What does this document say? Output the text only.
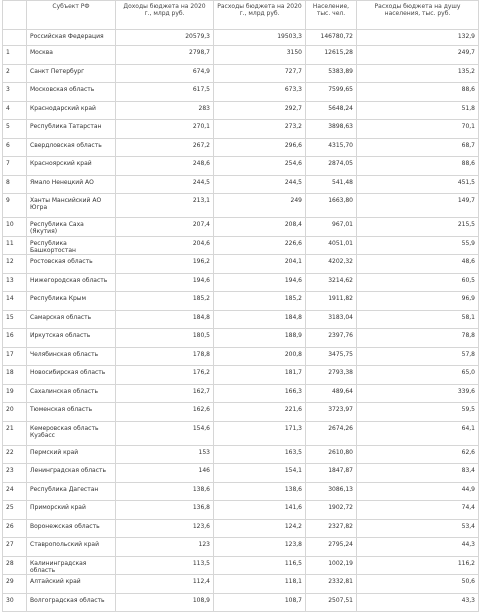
	Субъект РФ	Доходы бюджета на 2020 г., млрд руб.	Расходы бюджета на 2020 г., млрд руб.	Население, тыс. чел.	Расходы бюджета на душу населения, тыс. руб.
	Российская Федерация	20579,3	19503,3	146780,72	132,9
1	Москва	2798,7	3150	12615,28	249,7
2	Санкт Петербург	674,9	727,7	5383,89	135,2
3	Московская область	617,5	673,3	7599,65	88,6
4	Краснодарский край	283	292,7	5648,24	51,8
5	Республика Татарстан	270,1	273,2	3898,63	70,1
6	Свердловская область	267,2	296,6	4315,70	68,7
7	Красноярский край	248,6	254,6	2874,05	88,6
8	Ямало Ненецкий АО	244,5	244,5	541,48	451,5
9	Ханты Мансийский АО Югра	213,1	249	1663,80	149,7
10	Республика Саха (Якутия)	207,4	208,4	967,01	215,5
11	Республика Башкортостан	204,6	226,6	4051,01	55,9
12	Ростовская область	196,2	204,1	4202,32	48,6
13	Нижегородская область	194,6	194,6	3214,62	60,5
14	Республика Крым	185,2	185,2	1911,82	96,9
15	Самарская область	184,8	184,8	3183,04	58,1
16	Иркутская область	180,5	188,9	2397,76	78,8
17	Челябинская область	178,8	200,8	3475,75	57,8
18	Новосибирская область	176,2	181,7	2793,38	65,0
19	Сахалинская область	162,7	166,3	489,64	339,6
20	Тюменская область	162,6	221,6	3723,97	59,5
21	Кемеровская область Кузбасс	154,6	171,3	2674,26	64,1
22	Пермский край	153	163,5	2610,80	62,6
23	Ленинградская область	146	154,1	1847,87	83,4
24	Республика Дагестан	138,6	138,6	3086,13	44,9
25	Приморский край	136,8	141,6	1902,72	74,4
26	Воронежская область	123,6	124,2	2327,82	53,4
27	Ставропольский край	123	123,8	2795,24	44,3
28	Калининградская область	113,5	116,5	1002,19	116,2
29	Алтайский край	112,4	118,1	2332,81	50,6
30	Волгоградская область	108,9	108,7	2507,51	43,3
